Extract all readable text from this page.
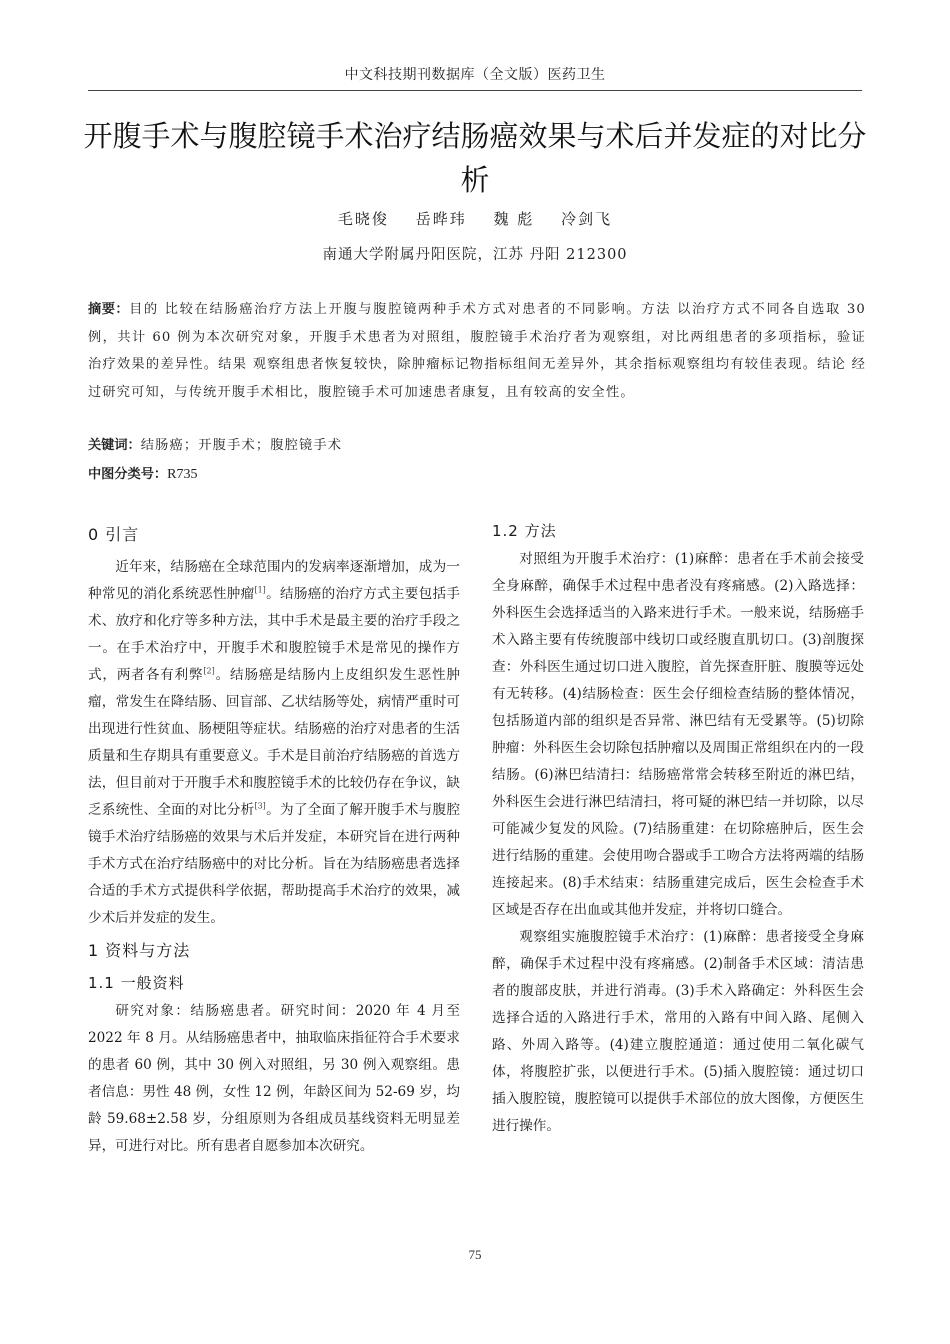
中文科技期刊数据库（全文版）医药卫生
开腹手术与腹腔镜手术治疗结肠癌效果与术后并发症的对比分析
毛晓俊 岳晔玮 魏 彪 冷剑飞
南通大学附属丹阳医院，江苏 丹阳 212300

摘要：目的 比较在结肠癌治疗方法上开腹与腹腔镜两种手术方式对患者的不同影响。方法 以治疗方式不同各自选取 30 例，共计 60 例为本次研究对象，开腹手术患者为对照组，腹腔镜手术治疗者为观察组，对比两组患者的多项指标，验证治疗效果的差异性。结果 观察组患者恢复较快，除肿瘤标记物指标组间无差异外，其余指标观察组均有较佳表现。结论 经过研究可知，与传统开腹手术相比，腹腔镜手术可加速患者康复，且有较高的安全性。

关键词：结肠癌；开腹手术；腹腔镜手术

中图分类号：R735

0 引言

近年来，结肠癌在全球范围内的发病率逐渐增加，成为一种常见的消化系统恶性肿瘤[1]。结肠癌的治疗方式主要包括手术、放疗和化疗等多种方法，其中手术是最主要的治疗手段之一。在手术治疗中，开腹手术和腹腔镜手术是常见的操作方式，两者各有利弊[2]。结肠癌是结肠内上皮组织发生恶性肿瘤，常发生在降结肠、回盲部、乙状结肠等处，病情严重时可出现进行性贫血、肠梗阻等症状。结肠癌的治疗对患者的生活质量和生存期具有重要意义。手术是目前治疗结肠癌的首选方法，但目前对于开腹手术和腹腔镜手术的比较仍存在争议，缺乏系统性、全面的对比分析[3]。为了全面了解开腹手术与腹腔镜手术治疗结肠癌的效果与术后并发症，本研究旨在进行两种手术方式在治疗结肠癌中的对比分析。旨在为结肠癌患者选择合适的手术方式提供科学依据，帮助提高手术治疗的效果，减少术后并发症的发生。

1 资料与方法
1.1 一般资料

研究对象：结肠癌患者。研究时间：2020 年 4 月至 2022 年 8 月。从结肠癌患者中，抽取临床指征符合手术要求的患者 60 例，其中 30 例入对照组，另 30 例入观察组。患者信息：男性 48 例，女性 12 例，年龄区间为 52-69 岁，均龄 59.68±2.58 岁，分组原则为各组成员基线资料无明显差异，可进行对比。所有患者自愿参加本次研究。

1.2 方法

对照组为开腹手术治疗：(1)麻醉：患者在手术前会接受全身麻醉，确保手术过程中患者没有疼痛感。(2)入路选择：外科医生会选择适当的入路来进行手术。一般来说，结肠癌手术入路主要有传统腹部中线切口或经腹直肌切口。(3)剖腹探查：外科医生通过切口进入腹腔，首先探查肝脏、腹膜等远处有无转移。(4)结肠检查：医生会仔细检查结肠的整体情况，包括肠道内部的组织是否异常、淋巴结有无受累等。(5)切除肿瘤：外科医生会切除包括肿瘤以及周围正常组织在内的一段结肠。(6)淋巴结清扫：结肠癌常常会转移至附近的淋巴结，外科医生会进行淋巴结清扫，将可疑的淋巴结一并切除，以尽可能减少复发的风险。(7)结肠重建：在切除癌肿后，医生会进行结肠的重建。会使用吻合器或手工吻合方法将两端的结肠连接起来。(8)手术结束：结肠重建完成后，医生会检查手术区域是否存在出血或其他并发症，并将切口缝合。

观察组实施腹腔镜手术治疗：(1)麻醉：患者接受全身麻醉，确保手术过程中没有疼痛感。(2)制备手术区域：清洁患者的腹部皮肤，并进行消毒。(3)手术入路确定：外科医生会选择合适的入路进行手术，常用的入路有中间入路、尾侧入路、外周入路等。(4)建立腹腔通道：通过使用二氧化碳气体，将腹腔扩张，以便进行手术。(5)插入腹腔镜：通过切口插入腹腔镜，腹腔镜可以提供手术部位的放大图像，方便医生进行操作。

75
